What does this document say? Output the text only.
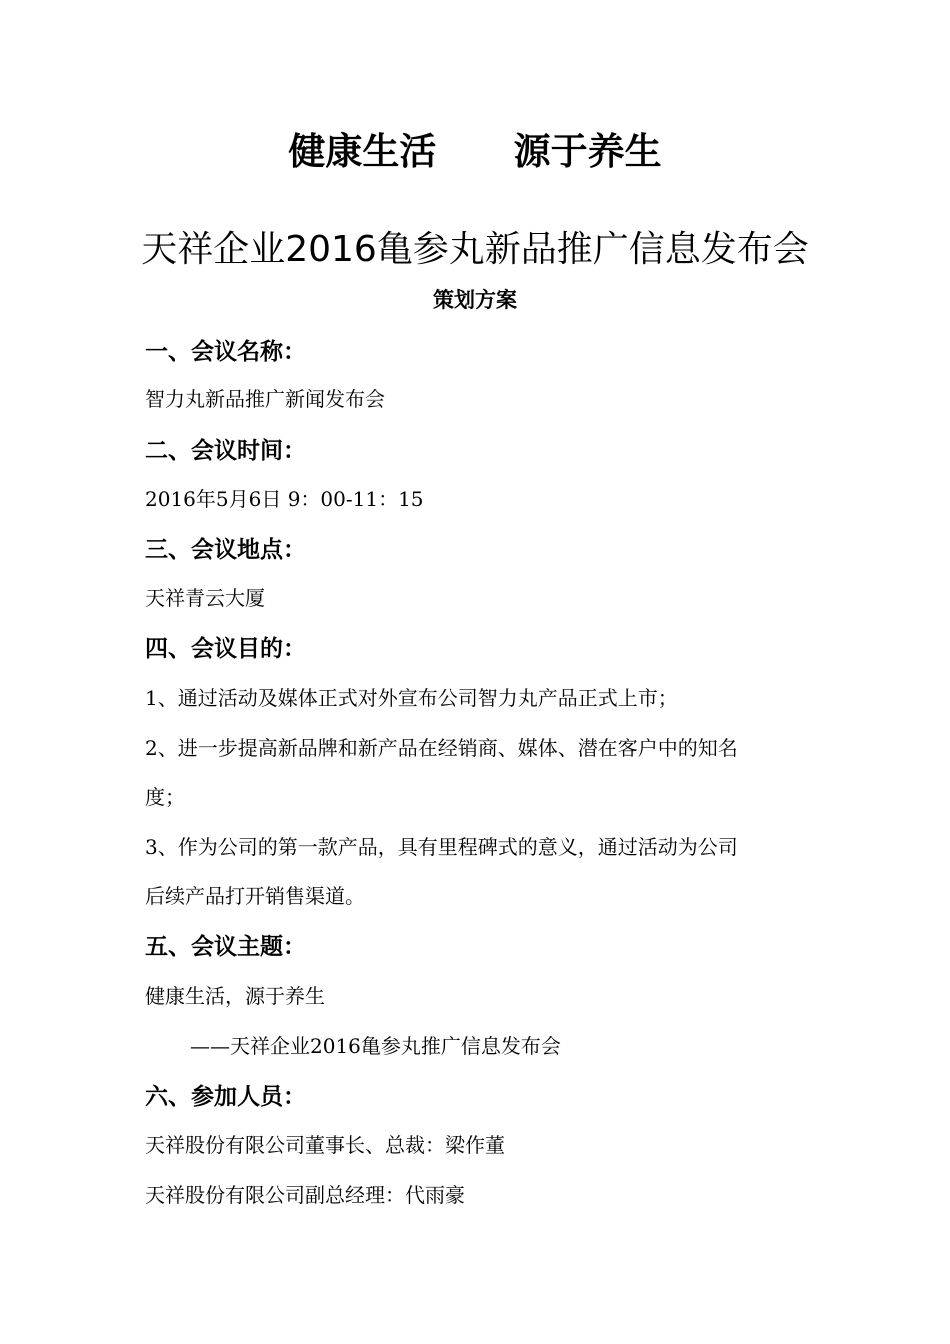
健康生活      源于养生
天祥企业2016亀参丸新品推广信息发布会
策划方案
一、会议名称：
智力丸新品推广新闻发布会
二、会议时间：
2016年5月6日 9：00-11：15
三、会议地点：
天祥青云大厦
四、会议目的：
1、通过活动及媒体正式对外宣布公司智力丸产品正式上市；
2、进一步提高新品牌和新产品在经销商、媒体、潜在客户中的知名
度；
3、作为公司的第一款产品，具有里程碑式的意义，通过活动为公司
后续产品打开销售渠道。
五、会议主题：
健康生活，源于养生
——天祥企业2016亀参丸推广信息发布会
六、参加人员：
天祥股份有限公司董事长、总裁：梁作董
天祥股份有限公司副总经理：代雨豪
